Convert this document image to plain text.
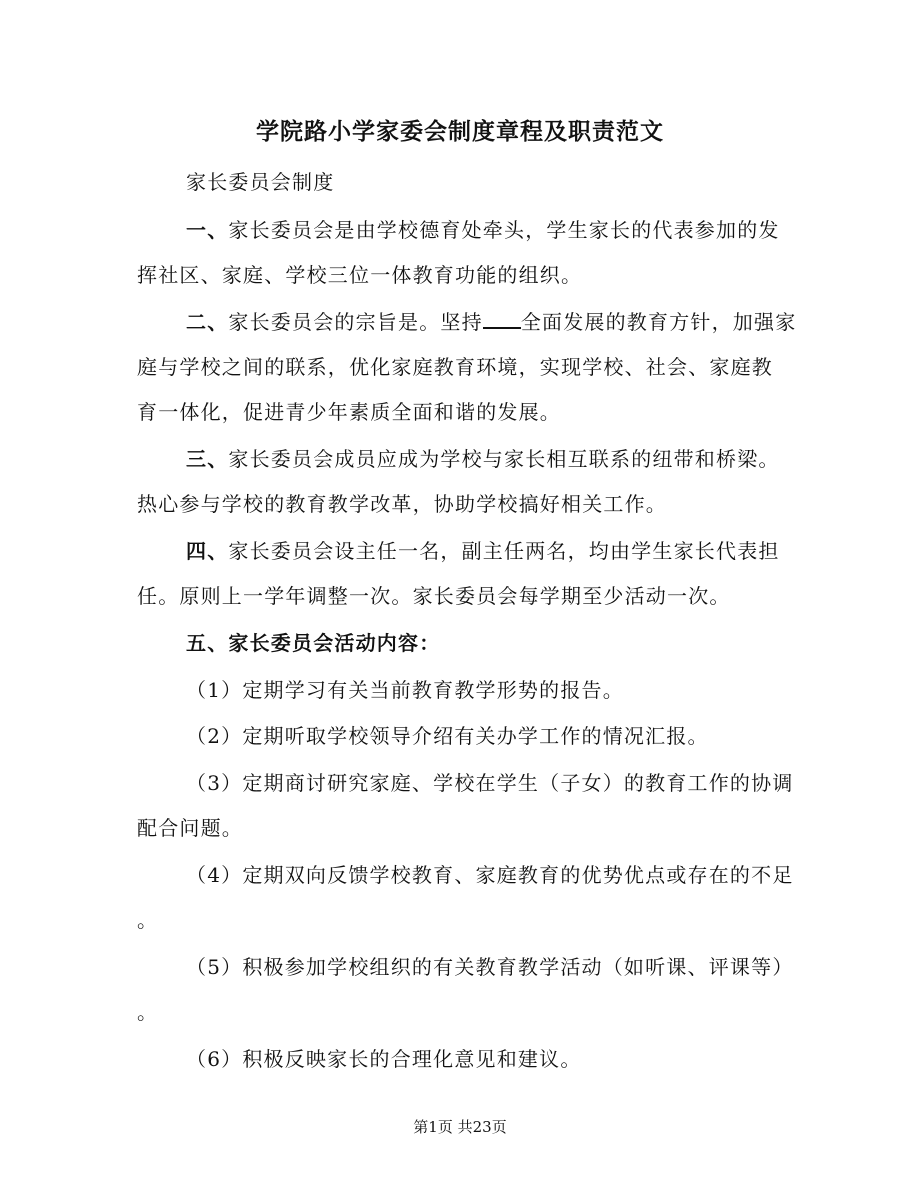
学院路小学家委会制度章程及职责范文
家长委员会制度
一、家长委员会是由学校德育处牵头，学生家长的代表参加的发
挥社区、家庭、学校三位一体教育功能的组织。
二、家长委员会的宗旨是。坚持 全面发展的教育方针，加强家
庭与学校之间的联系，优化家庭教育环境，实现学校、社会、家庭教
育一体化，促进青少年素质全面和谐的发展。
三、家长委员会成员应成为学校与家长相互联系的纽带和桥梁。
热心参与学校的教育教学改革，协助学校搞好相关工作。
四、家长委员会设主任一名，副主任两名，均由学生家长代表担
任。原则上一学年调整一次。家长委员会每学期至少活动一次。
五、家长委员会活动内容：
（1）定期学习有关当前教育教学形势的报告。
（2）定期听取学校领导介绍有关办学工作的情况汇报。
（3）定期商讨研究家庭、学校在学生（子女）的教育工作的协调
配合问题。
（4）定期双向反馈学校教育、家庭教育的优势优点或存在的不足
。
（5）积极参加学校组织的有关教育教学活动（如听课、评课等）
。
（6）积极反映家长的合理化意见和建议。
第1页 共23页
